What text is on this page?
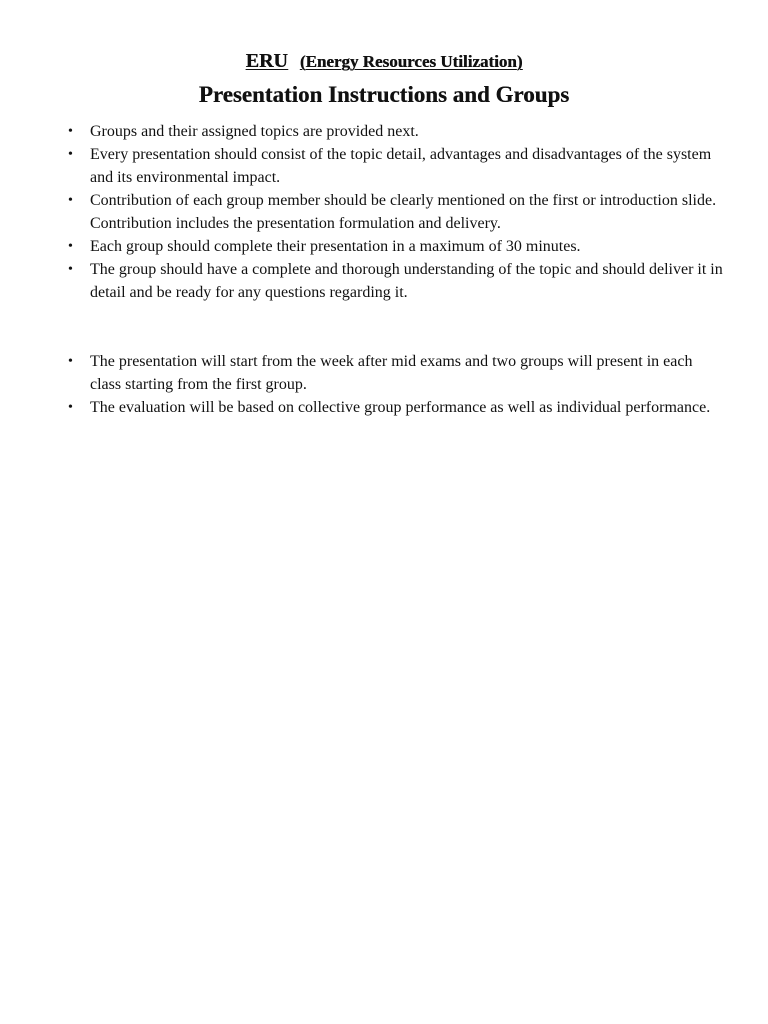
ERU (Energy Resources Utilization)
Presentation Instructions and Groups
• Groups and their assigned topics are provided next.
• Every presentation should consist of the topic detail, advantages and disadvantages of the system and its environmental impact.
• Contribution of each group member should be clearly mentioned on the first or introduction slide. Contribution includes the presentation formulation and delivery.
• Each group should complete their presentation in a maximum of 30 minutes.
• The group should have a complete and thorough understanding of the topic and should deliver it in detail and be ready for any questions regarding it.
• The presentation will start from the week after mid exams and two groups will present in each class starting from the first group.
• The evaluation will be based on collective group performance as well as individual performance.
